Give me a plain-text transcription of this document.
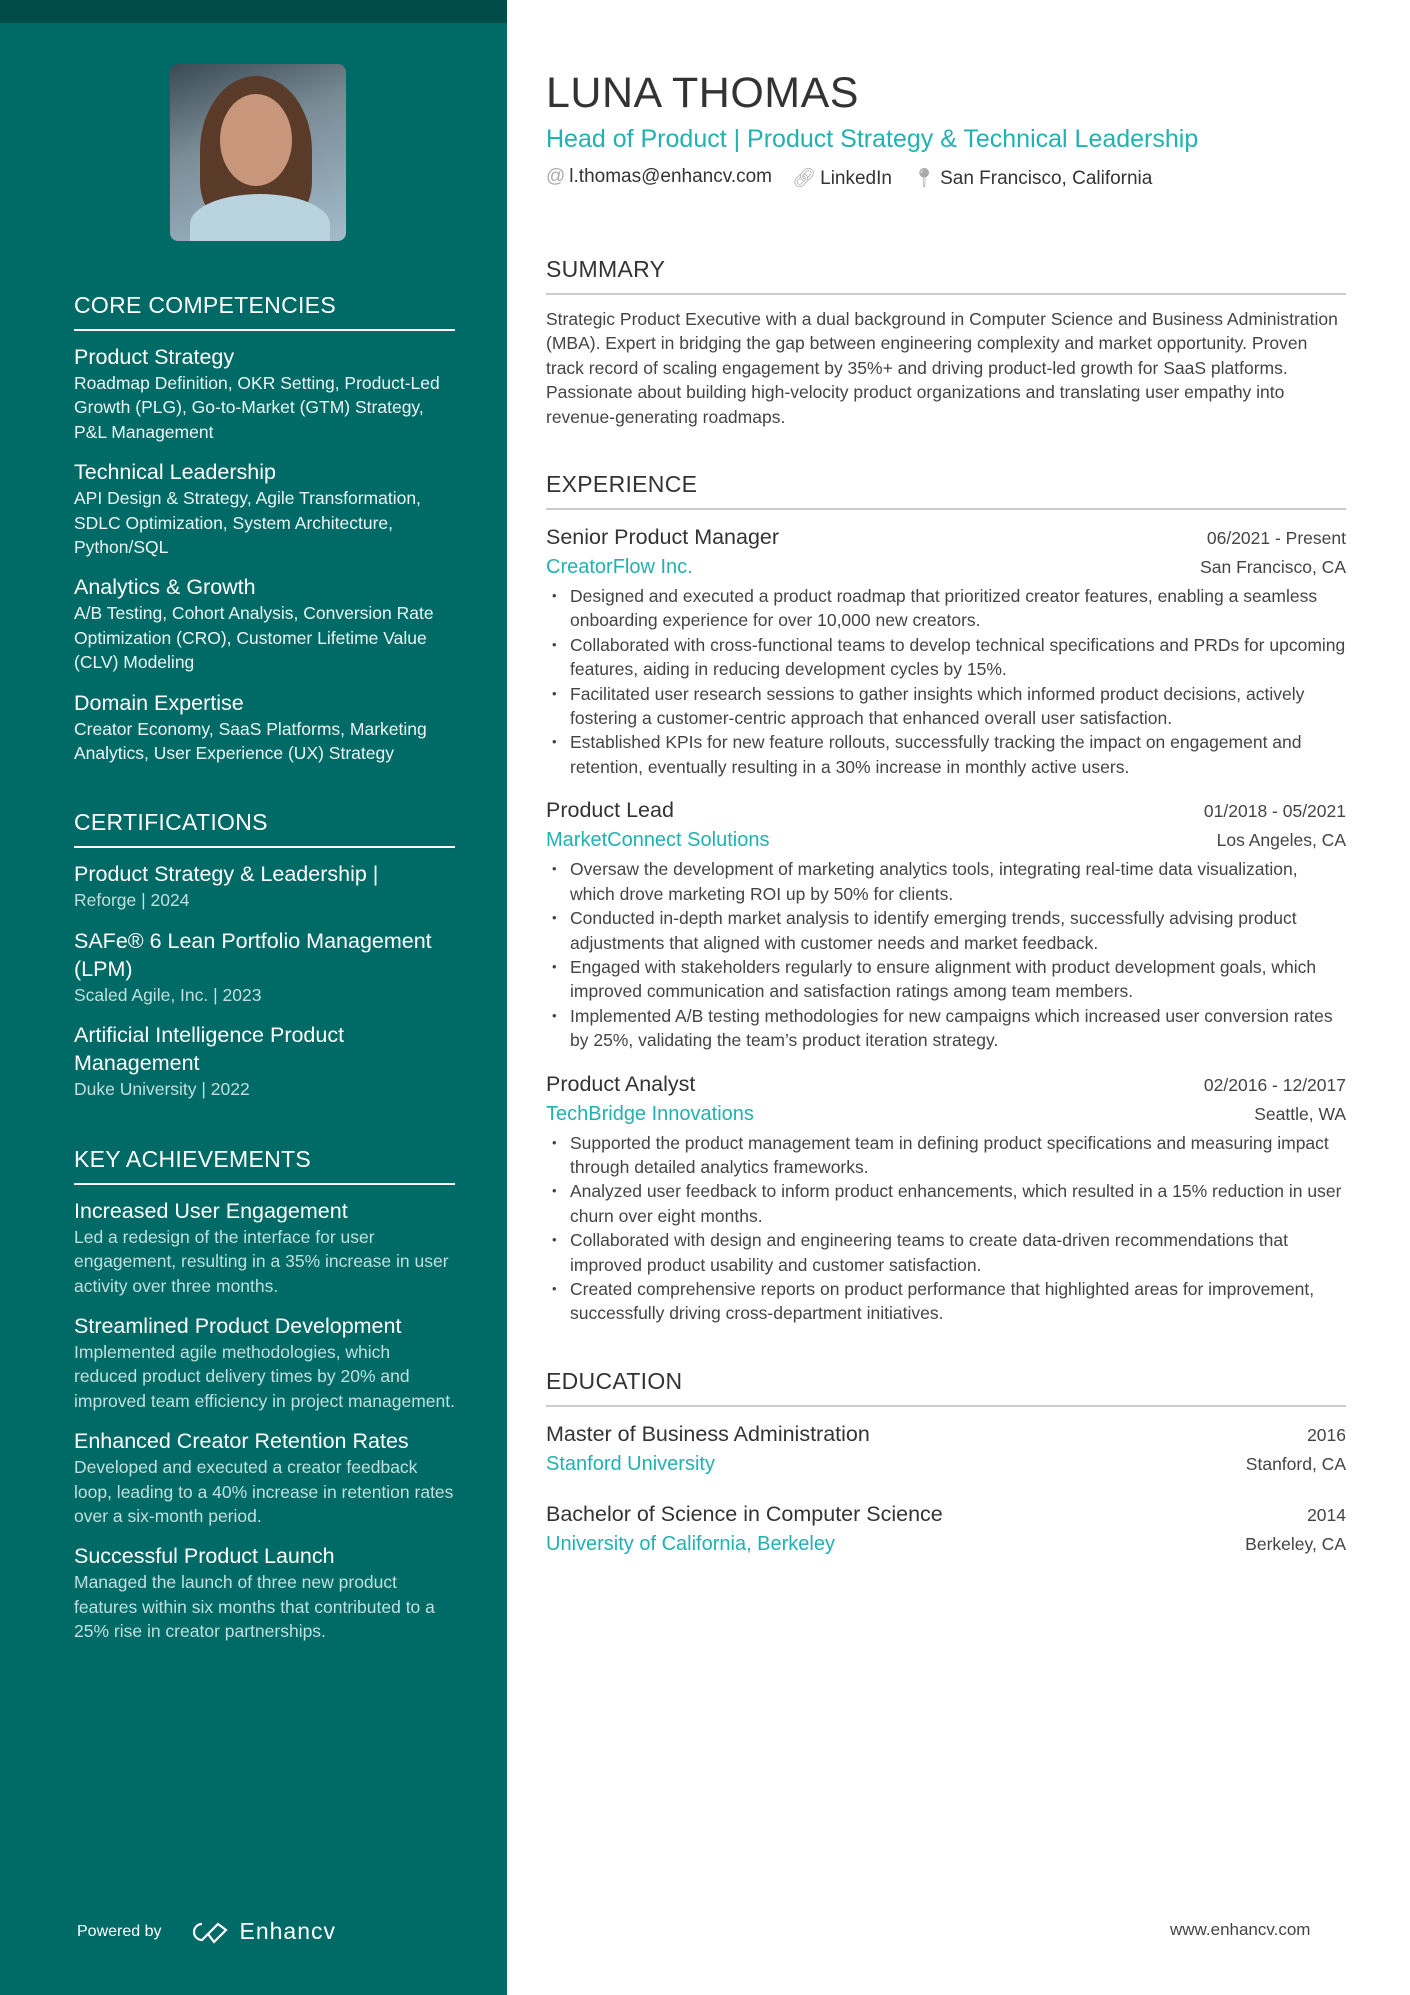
CORE COMPETENCIES
Product Strategy
Roadmap Definition, OKR Setting, Product-Led Growth (PLG), Go-to-Market (GTM) Strategy, P&L Management
Technical Leadership
API Design & Strategy, Agile Transformation, SDLC Optimization, System Architecture, Python/SQL
Analytics & Growth
A/B Testing, Cohort Analysis, Conversion Rate Optimization (CRO), Customer Lifetime Value (CLV) Modeling
Domain Expertise
Creator Economy, SaaS Platforms, Marketing Analytics, User Experience (UX) Strategy
CERTIFICATIONS
Product Strategy & Leadership |
Reforge | 2024
SAFe® 6 Lean Portfolio Management (LPM)
Scaled Agile, Inc. | 2023
Artificial Intelligence Product Management
Duke University | 2022
KEY ACHIEVEMENTS
Increased User Engagement
Led a redesign of the interface for user engagement, resulting in a 35% increase in user activity over three months.
Streamlined Product Development
Implemented agile methodologies, which reduced product delivery times by 20% and improved team efficiency in project management.
Enhanced Creator Retention Rates
Developed and executed a creator feedback loop, leading to a 40% increase in retention rates over a six-month period.
Successful Product Launch
Managed the launch of three new product features within six months that contributed to a 25% rise in creator partnerships.
Powered by	Enhancv
LUNA THOMAS
Head of Product | Product Strategy & Technical Leadership
@ l.thomas@enhancv.com 🔗︎ LinkedIn 📍︎ San Francisco, California
SUMMARY
Strategic Product Executive with a dual background in Computer Science and Business Administration (MBA). Expert in bridging the gap between engineering complexity and market opportunity. Proven track record of scaling engagement by 35%+ and driving product-led growth for SaaS platforms. Passionate about building high-velocity product organizations and translating user empathy into revenue-generating roadmaps.
EXPERIENCE
Senior Product Manager	06/2021 - Present
CreatorFlow Inc.	San Francisco, CA
• Designed and executed a product roadmap that prioritized creator features, enabling a seamless onboarding experience for over 10,000 new creators.
• Collaborated with cross-functional teams to develop technical specifications and PRDs for upcoming features, aiding in reducing development cycles by 15%.
• Facilitated user research sessions to gather insights which informed product decisions, actively fostering a customer-centric approach that enhanced overall user satisfaction.
• Established KPIs for new feature rollouts, successfully tracking the impact on engagement and retention, eventually resulting in a 30% increase in monthly active users.
Product Lead	01/2018 - 05/2021
MarketConnect Solutions	Los Angeles, CA
• Oversaw the development of marketing analytics tools, integrating real-time data visualization, which drove marketing ROI up by 50% for clients.
• Conducted in-depth market analysis to identify emerging trends, successfully advising product adjustments that aligned with customer needs and market feedback.
• Engaged with stakeholders regularly to ensure alignment with product development goals, which improved communication and satisfaction ratings among team members.
• Implemented A/B testing methodologies for new campaigns which increased user conversion rates by 25%, validating the team’s product iteration strategy.
Product Analyst	02/2016 - 12/2017
TechBridge Innovations	Seattle, WA
• Supported the product management team in defining product specifications and measuring impact through detailed analytics frameworks.
• Analyzed user feedback to inform product enhancements, which resulted in a 15% reduction in user churn over eight months.
• Collaborated with design and engineering teams to create data-driven recommendations that improved product usability and customer satisfaction.
• Created comprehensive reports on product performance that highlighted areas for improvement, successfully driving cross-department initiatives.
EDUCATION
Master of Business Administration	2016
Stanford University	Stanford, CA
Bachelor of Science in Computer Science	2014
University of California, Berkeley	Berkeley, CA
www.enhancv.com
